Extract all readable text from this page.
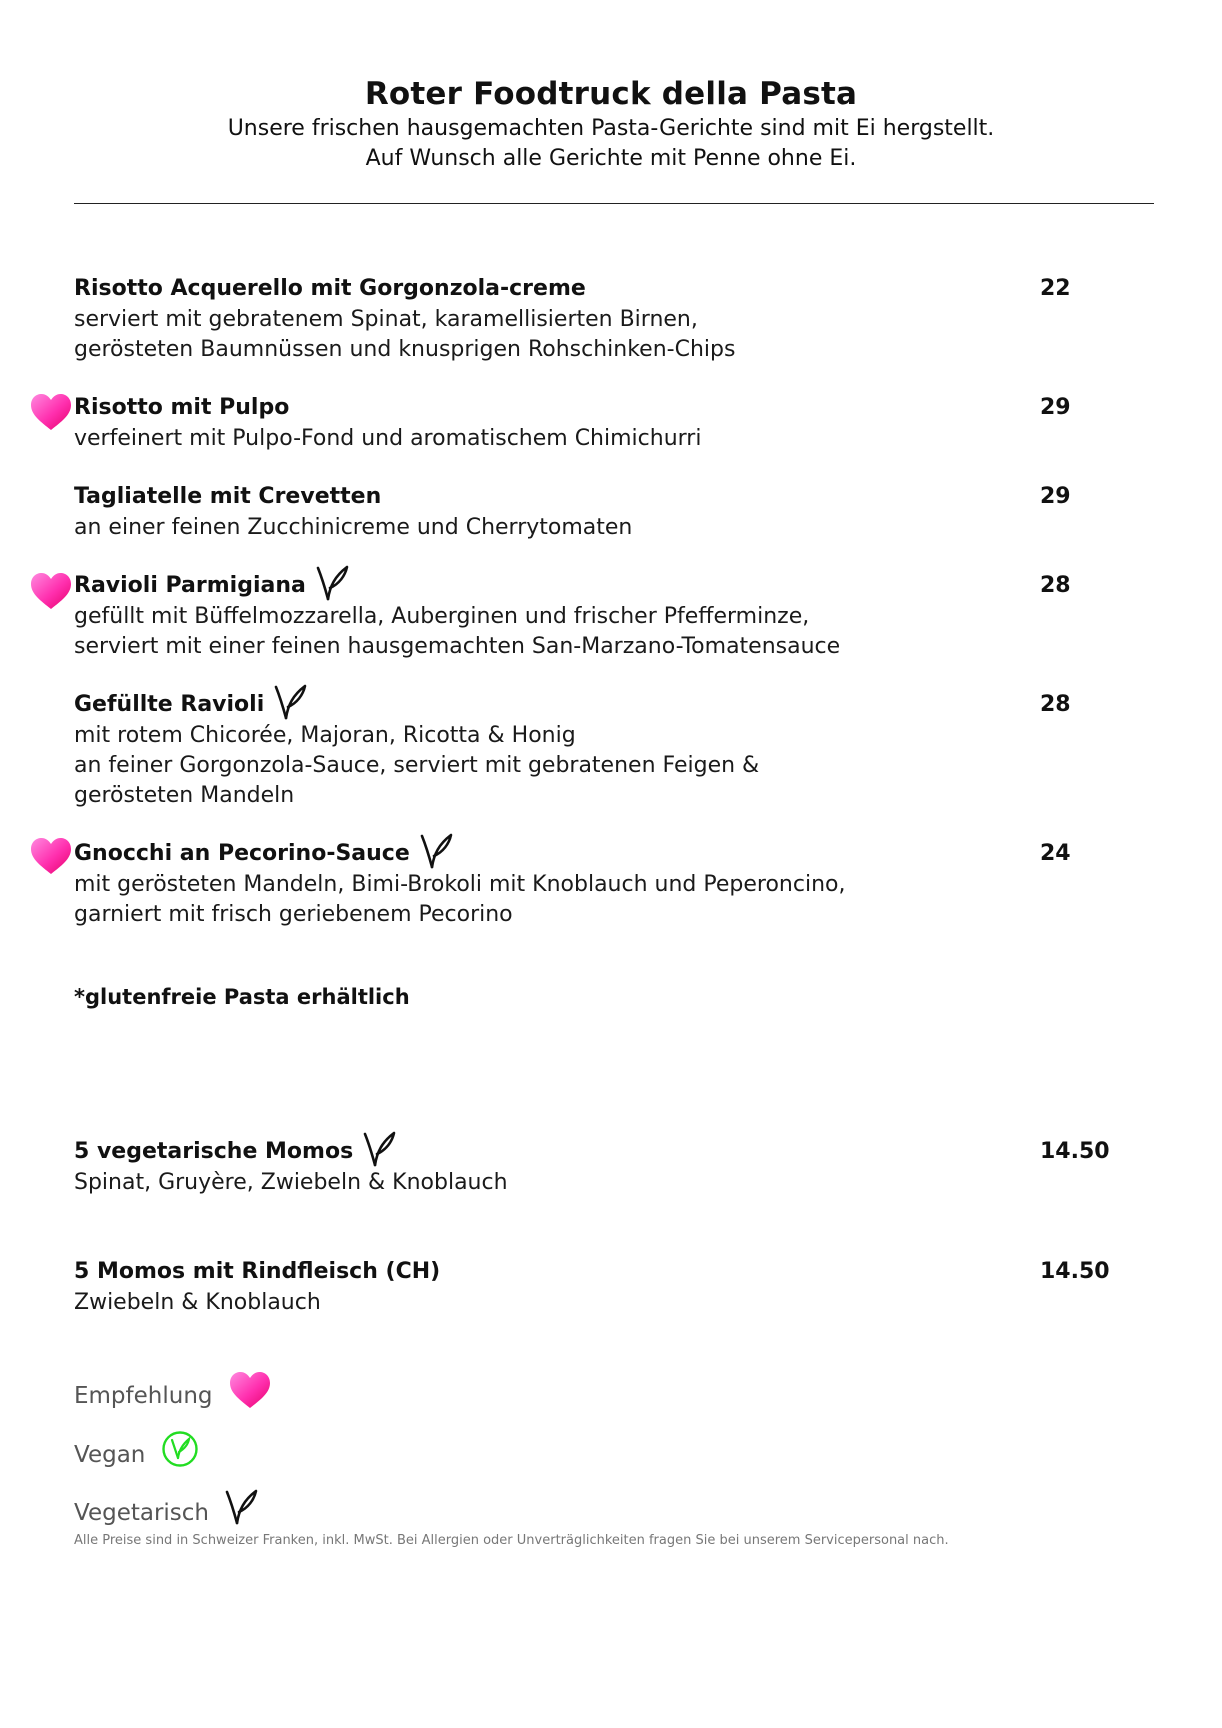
Roter Foodtruck della Pasta

Unsere frischen hausgemachten Pasta-Gerichte sind mit Ei hergstellt.

Auf Wunsch alle Gerichte mit Penne ohne Ei.

Risotto Acquerello mit Gorgonzola-creme	22
serviert mit gebratenem Spinat, karamellisierten Birnen,
gerösteten Baumnüssen und knusprigen Rohschinken-Chips
Risotto mit Pulpo	29
verfeinert mit Pulpo-Fond und aromatischem Chimichurri
Tagliatelle mit Crevetten	29
an einer feinen Zucchinicreme und Cherrytomaten
Ravioli Parmigiana	28
gefüllt mit Büffelmozzarella, Auberginen und frischer Pfefferminze,
serviert mit einer feinen hausgemachten San-Marzano-Tomatensauce
Gefüllte Ravioli	28
mit rotem Chicorée, Majoran, Ricotta & Honig
an feiner Gorgonzola-Sauce, serviert mit gebratenen Feigen &
gerösteten Mandeln
Gnocchi an Pecorino-Sauce	24
mit gerösteten Mandeln, Bimi-Brokoli mit Knoblauch und Peperoncino,
garniert mit frisch geriebenem Pecorino
*glutenfreie Pasta erhältlich
5 vegetarische Momos	14.50
Spinat, Gruyère, Zwiebeln & Knoblauch
5 Momos mit Rindfleisch (CH)	14.50
Zwiebeln & Knoblauch
Empfehlung
Vegan
Vegetarisch
Alle Preise sind in Schweizer Franken, inkl. MwSt. Bei Allergien oder Unverträglichkeiten fragen Sie bei unserem Servicepersonal nach.
